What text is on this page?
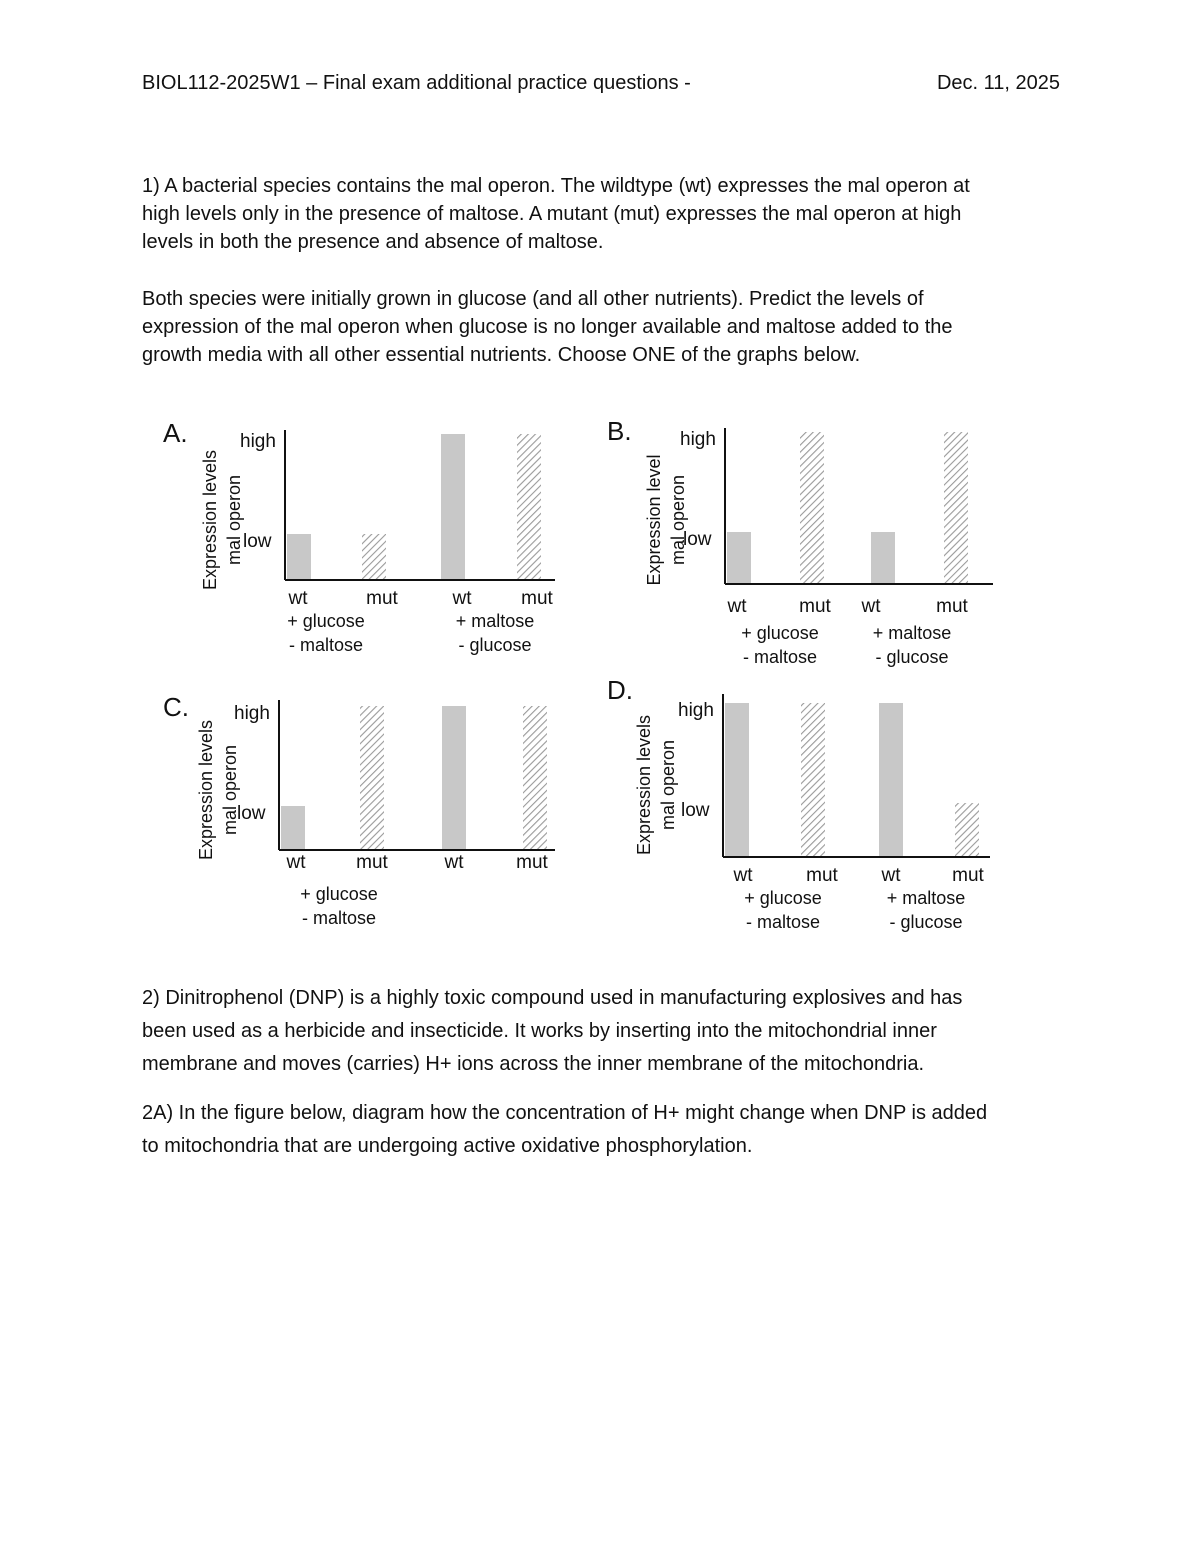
BIOL112-2025W1 – Final exam additional practice questions -	Dec. 11, 2025

1) A bacterial species contains the mal operon. The wildtype (wt) expresses the mal operon at
high levels only in the presence of maltose. A mutant (mut) expresses the mal operon at high
levels in both the presence and absence of maltose.

Both species were initially grown in glucose (and all other nutrients). Predict the levels of
expression of the mal operon when glucose is no longer available and maltose added to the
growth media with all other essential nutrients. Choose ONE of the graphs below.

A.
Expression levels mal operon
high
low
wt	mut	wt	mut
+ glucose
- maltose
+ maltose
- glucose
B.
Expression level mal operon
high
low
wt	mut wt	mut
+ glucose
- maltose
+ maltose
- glucose
C.
Expression levels mal operon
high
low
wt	mut	wt	mut
+ glucose
- maltose
D.
Expression levels mal operon
high
low
wt	mut wt	mut
+ glucose
- maltose
+ maltose
- glucose

2) Dinitrophenol (DNP) is a highly toxic compound used in manufacturing explosives and has
been used as a herbicide and insecticide. It works by inserting into the mitochondrial inner
membrane and moves (carries) H+ ions across the inner membrane of the mitochondria.

2A) In the figure below, diagram how the concentration of H+ might change when DNP is added
to mitochondria that are undergoing active oxidative phosphorylation.
